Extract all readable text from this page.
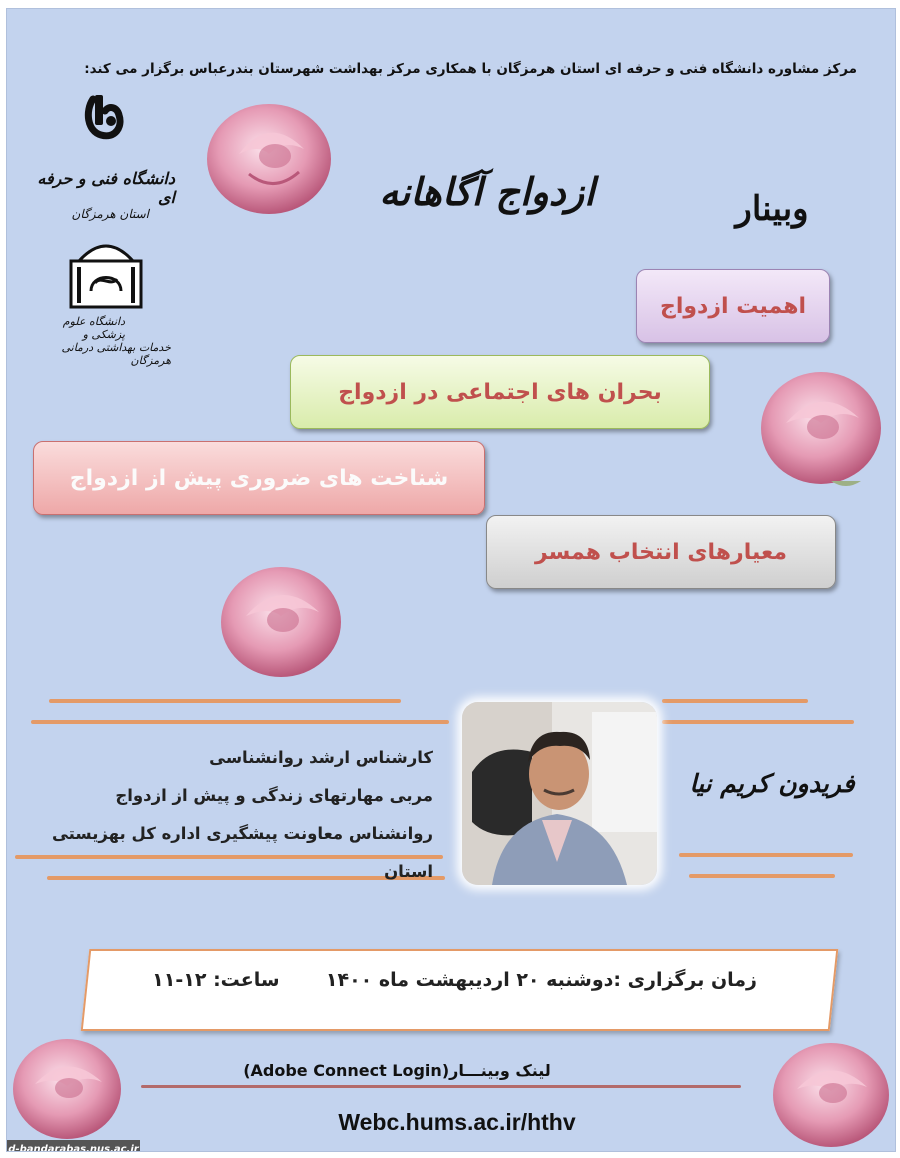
مرکز مشاوره دانشگاه فنی و حرفه ای استان هرمزگان با همکاری مرکز بهداشت شهرستان بندرعباس برگزار می کند:
دانشگاه فنی و حرفه ای
استان هرمزگان
دانشگاه علوم پزشکی و
خدمات بهداشتی درمانی هرمزگان
ازدواج آگاهانه	وبینار
اهمیت ازدواج
بحران های اجتماعی در ازدواج
شناخت های ضروری پیش از ازدواج
معیارهای انتخاب همسر
کارشناس ارشد روانشناسی
مربی مهارتهای زندگی و پیش از ازدواج
روانشناس معاونت پیشگیری اداره کل بهزیستی استان
فریدون کریم نیا
زمان برگزاری :دوشنبه ۲۰ اردیبهشت ماه ۱۴۰۰       ساعت: ۱۲-۱۱
لینک وبینـــار(Adobe Connect Login)
Webc.hums.ac.ir/hthv
d-bandarabas.nus.ac.ir
